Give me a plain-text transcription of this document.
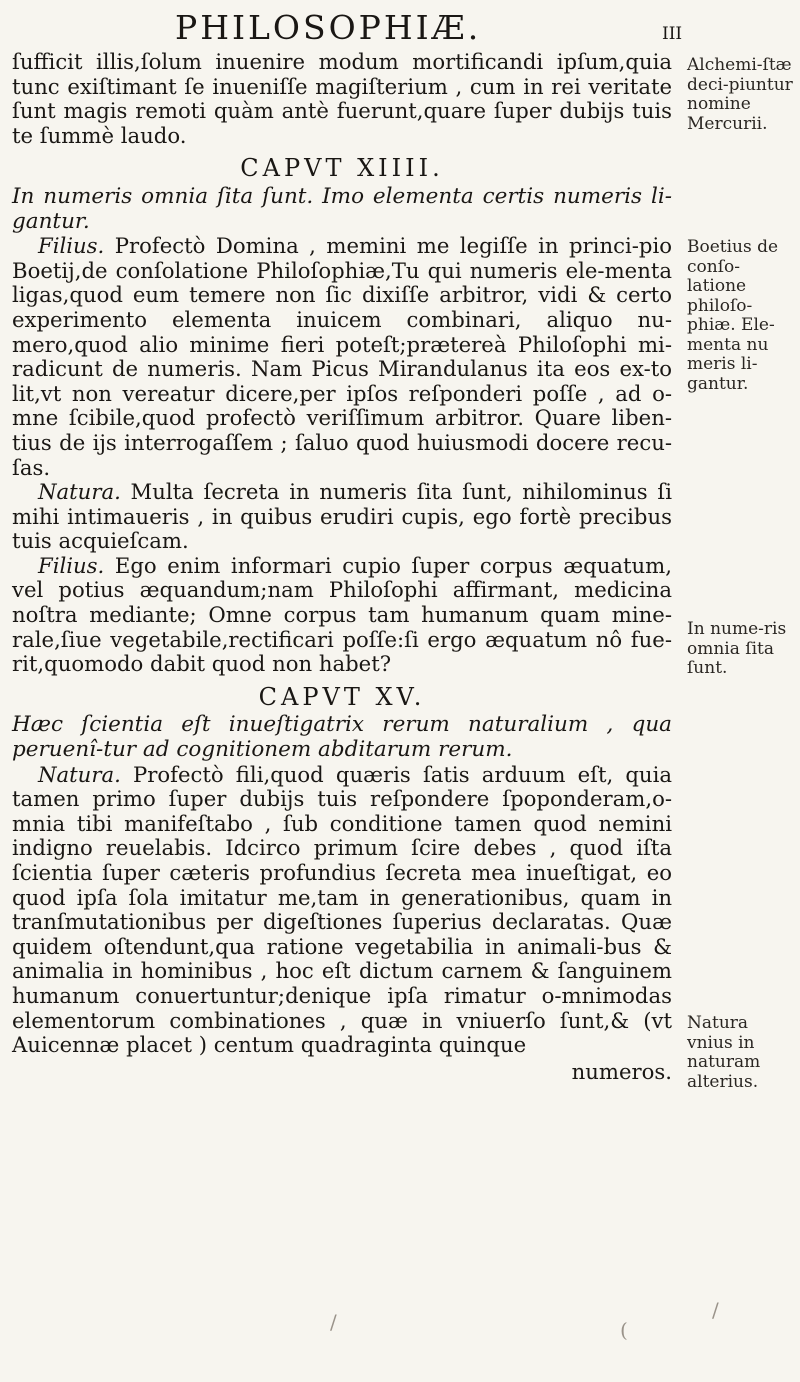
PHILOSOPHIÆ.	III

ſufficit illis,ſolum inuenire modum mortificandi ipſum,quia tunc exiſtimant ſe inueniſſe magiſterium , cum in rei veritate ſunt magis remoti quàm antè fuerunt,quare ſuper dubijs tuis te ſummè laudo.

CAPVT XIIII.

In numeris omnia ſita ſunt. Imo elementa certis numeris li-gantur.

Filius. Profectò Domina , memini me legiſſe in princi-pio Boetij,de conſolatione Philoſophiæ,Tu qui numeris ele-menta ligas,quod eum temere non ſic dixiſſe arbitror, vidi & certo experimento elementa inuicem combinari, aliquo nu-mero,quod alio minime fieri poteſt;prætereà Philoſophi mi-radicunt de numeris. Nam Picus Mirandulanus ita eos ex-to lit,vt non vereatur dicere,per ipſos reſponderi poſſe , ad o-mne ſcibile,quod profectò veriſſimum arbitror. Quare liben-tius de ijs interrogaſſem ; ſaluo quod huiusmodi docere recu-ſas.

Natura. Multa ſecreta in numeris ſita ſunt, nihilominus ſi mihi intimaueris , in quibus erudiri cupis, ego fortè precibus tuis acquieſcam.

Filius. Ego enim informari cupio ſuper corpus æquatum, vel potius æquandum;nam Philoſophi affirmant, medicina noſtra mediante; Omne corpus tam humanum quam mine-rale,ſiue vegetabile,rectificari poſſe:ſi ergo æquatum nô fue-rit,quomodo dabit quod non habet?

CAPVT XV.

Hæc ſcientia eſt inueſtigatrix rerum naturalium , qua peruenî-tur ad cognitionem abditarum rerum.

Natura. Profectò fili,quod quæris ſatis arduum eſt, quia tamen primo ſuper dubijs tuis reſpondere ſpoponderam,o-mnia tibi manifeſtabo , ſub conditione tamen quod nemini indigno reuelabis. Idcirco primum ſcire debes , quod iſta ſcientia ſuper cæteris profundius ſecreta mea inueſtigat, eo quod ipſa ſola imitatur me,tam in generationibus, quam in tranſmutationibus per digeſtiones ſuperius declaratas. Quæ quidem oſtendunt,qua ratione vegetabilia in animali-bus & animalia in hominibus , hoc eſt dictum carnem & ſanguinem humanum conuertuntur;denique ipſa rimatur o-mnimodas elementorum combinationes , quæ in vniuerſo ſunt,& (vt Auicennæ placet ) centum quadraginta quinque

numeros.
Alchemi-ſtæ deci-piuntur nomine Mercurii.
Boetius de conſo-latione philoſo-phiæ. Ele-menta nu meris li-gantur.
In nume-ris omnia ſita ſunt.
Natura vnius in naturam alterius.
/	(
/
